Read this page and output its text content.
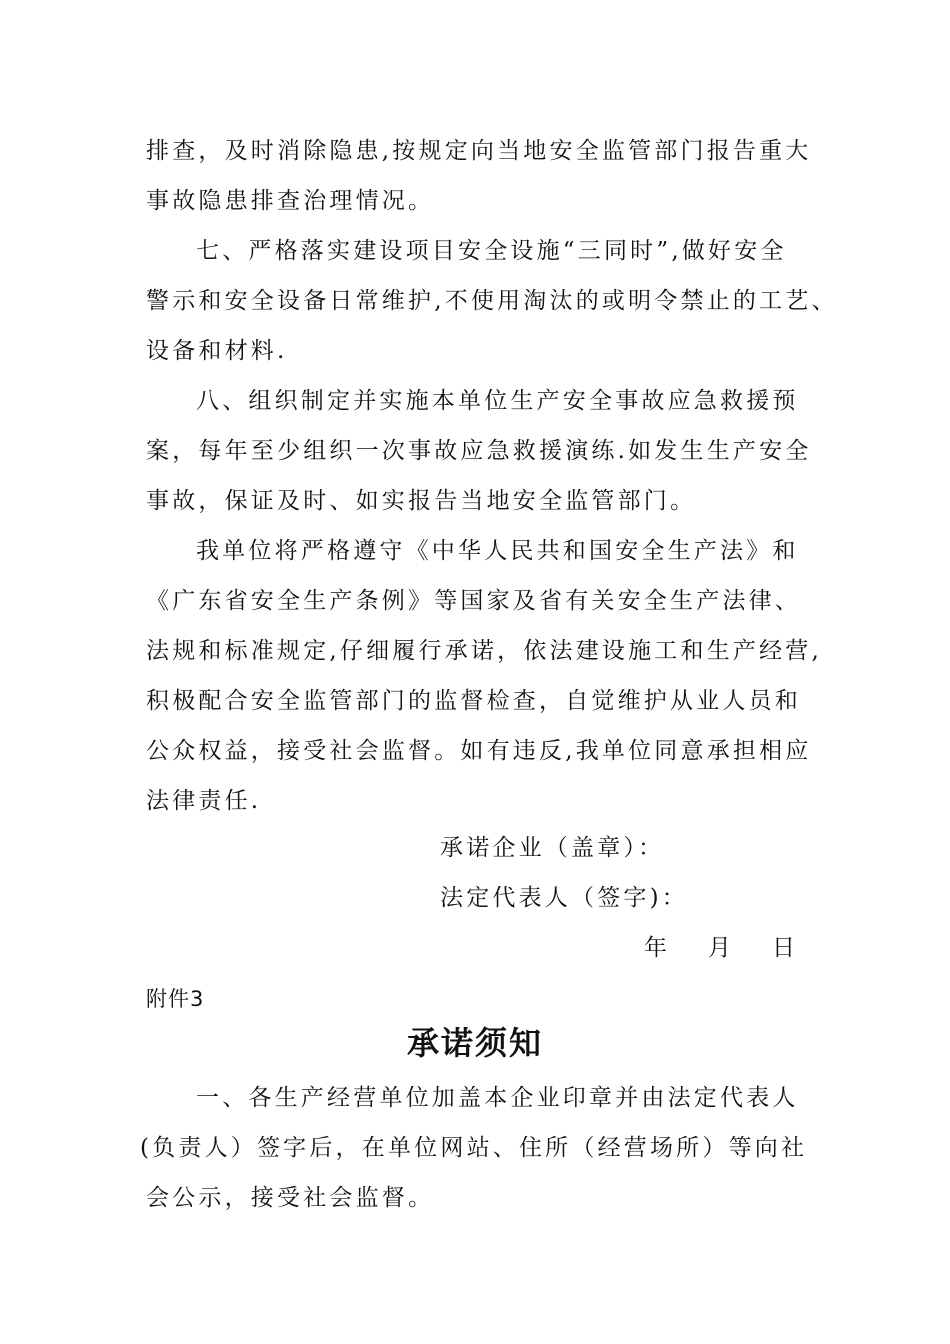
排查，及时消除隐患,按规定向当地安全监管部门报告重大
事故隐患排查治理情况。
七、严格落实建设项目安全设施“三同时”,做好安全
警示和安全设备日常维护,不使用淘汰的或明令禁止的工艺、
设备和材料.
八、组织制定并实施本单位生产安全事故应急救援预
案，每年至少组织一次事故应急救援演练.如发生生产安全
事故，保证及时、如实报告当地安全监管部门。
我单位将严格遵守《中华人民共和国安全生产法》和
《广东省安全生产条例》等国家及省有关安全生产法律、
法规和标准规定,仔细履行承诺，依法建设施工和生产经营,
积极配合安全监管部门的监督检查，自觉维护从业人员和
公众权益，接受社会监督。如有违反,我单位同意承担相应
法律责任.
承诺企业（盖章）：
法定代表人（签字)：
年 月 日
附件3
承诺须知
一、各生产经营单位加盖本企业印章并由法定代表人
(负责人）签字后，在单位网站、住所（经营场所）等向社
会公示，接受社会监督。
